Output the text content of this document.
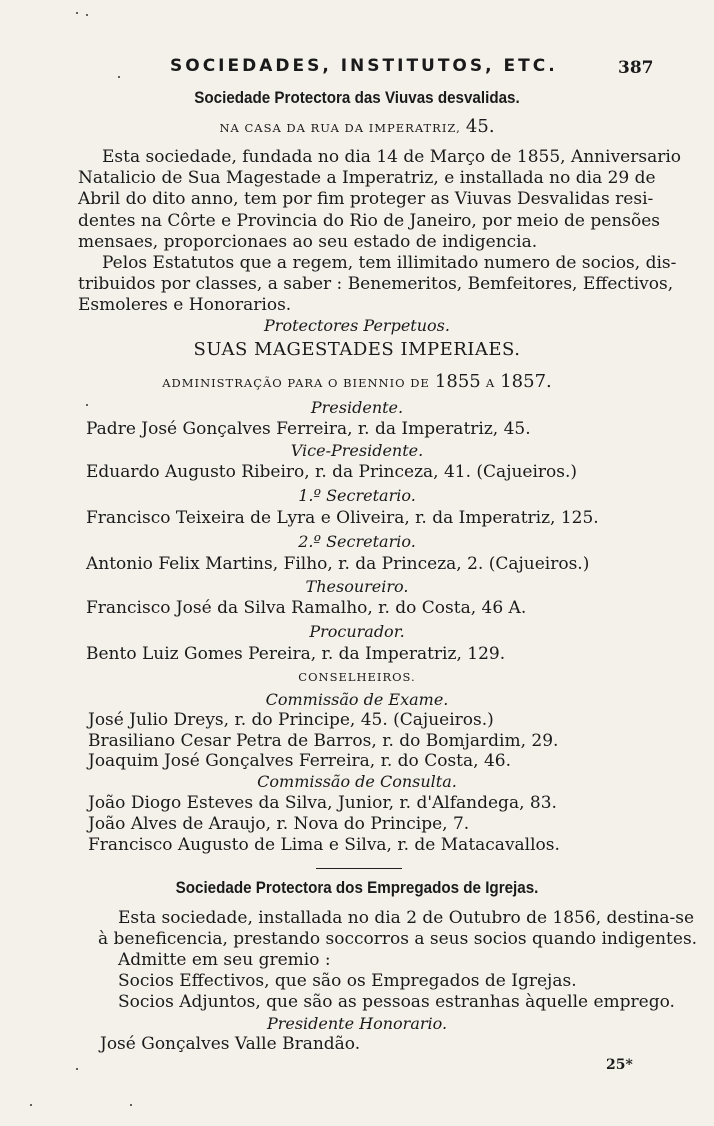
SOCIEDADES, INSTITUTOS, ETC.	387
Sociedade Protectora das Viuvas desvalidas.
NA CASA DA RUA DA IMPERATRIZ, 45.
Esta sociedade, fundada no dia 14 de Março de 1855, Anniversario
Natalicio de Sua Magestade a Imperatriz, e installada no dia 29 de
Abril do dito anno, tem por fim proteger as Viuvas Desvalidas resi-
dentes na Côrte e Provincia do Rio de Janeiro, por meio de pensões
mensaes, proporcionaes ao seu estado de indigencia.
Pelos Estatutos que a regem, tem illimitado numero de socios, dis-
tribuidos por classes, a saber : Benemeritos, Bemfeitores, Effectivos,
Esmoleres e Honorarios.
Protectores Perpetuos.
SUAS MAGESTADES IMPERIAES.
ADMINISTRAÇÃO PARA O BIENNIO DE 1855 A 1857.
Presidente.
Padre José Gonçalves Ferreira, r. da Imperatriz, 45.
Vice-Presidente.
Eduardo Augusto Ribeiro, r. da Princeza, 41. (Cajueiros.)
1.º Secretario.
Francisco Teixeira de Lyra e Oliveira, r. da Imperatriz, 125.
2.º Secretario.
Antonio Felix Martins, Filho, r. da Princeza, 2. (Cajueiros.)
Thesoureiro.
Francisco José da Silva Ramalho, r. do Costa, 46 A.
Procurador.
Bento Luiz Gomes Pereira, r. da Imperatriz, 129.
CONSELHEIROS.
Commissão de Exame.
José Julio Dreys, r. do Principe, 45. (Cajueiros.)
Brasiliano Cesar Petra de Barros, r. do Bomjardim, 29.
Joaquim José Gonçalves Ferreira, r. do Costa, 46.
Commissão de Consulta.
João Diogo Esteves da Silva, Junior, r. d'Alfandega, 83.
João Alves de Araujo, r. Nova do Principe, 7.
Francisco Augusto de Lima e Silva, r. de Matacavallos.
Sociedade Protectora dos Empregados de Igrejas.
Esta sociedade, installada no dia 2 de Outubro de 1856, destina-se
à beneficencia, prestando soccorros a seus socios quando indigentes.
Admitte em seu gremio :
Socios Effectivos, que são os Empregados de Igrejas.
Socios Adjuntos, que são as pessoas estranhas àquelle emprego.
Presidente Honorario.
José Gonçalves Valle Brandão.
25*
